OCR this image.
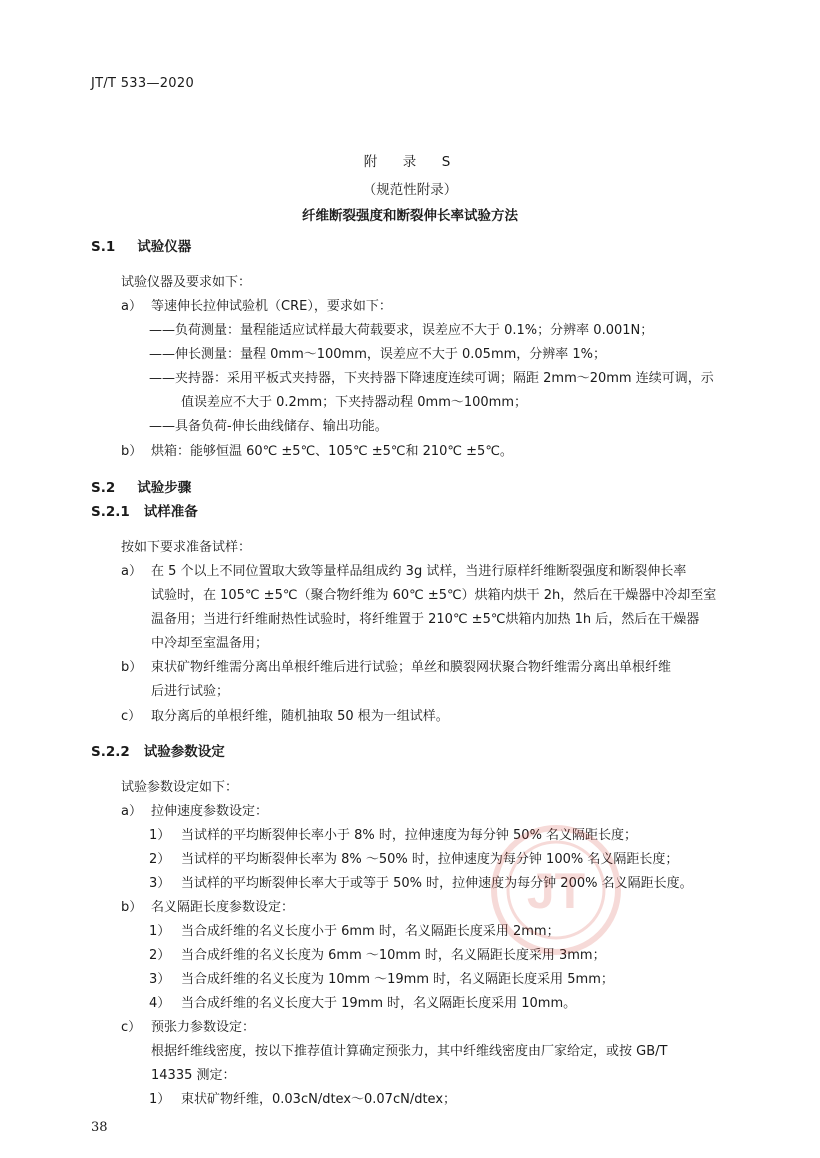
JT/T 533—2020
附　录　S
（规范性附录）
纤维断裂强度和断裂伸长率试验方法
S.1 试验仪器
试验仪器及要求如下：
a） 等速伸长拉伸试验机（CRE），要求如下：
——负荷测量：量程能适应试样最大荷载要求，误差应不大于 0.1%；分辨率 0.001N；
——伸长测量：量程 0mm～100mm，误差应不大于 0.05mm，分辨率 1%；
——夹持器：采用平板式夹持器，下夹持器下降速度连续可调；隔距 2mm～20mm 连续可调，示
值误差应不大于 0.2mm；下夹持器动程 0mm～100mm；
——具备负荷-伸长曲线储存、输出功能。
b） 烘箱：能够恒温 60℃ ±5℃、105℃ ±5℃和 210℃ ±5℃。
S.2 试验步骤
S.2.1 试样准备
按如下要求准备试样：
a） 在 5 个以上不同位置取大致等量样品组成约 3g 试样，当进行原样纤维断裂强度和断裂伸长率
试验时，在 105℃ ±5℃（聚合物纤维为 60℃ ±5℃）烘箱内烘干 2h，然后在干燥器中冷却至室
温备用；当进行纤维耐热性试验时，将纤维置于 210℃ ±5℃烘箱内加热 1h 后，然后在干燥器
中冷却至室温备用；
b） 束状矿物纤维需分离出单根纤维后进行试验；单丝和膜裂网状聚合物纤维需分离出单根纤维
后进行试验；
c） 取分离后的单根纤维，随机抽取 50 根为一组试样。
S.2.2 试验参数设定
试验参数设定如下：
a） 拉伸速度参数设定：
1） 当试样的平均断裂伸长率小于 8% 时，拉伸速度为每分钟 50% 名义隔距长度；
2） 当试样的平均断裂伸长率为 8% ～50% 时，拉伸速度为每分钟 100% 名义隔距长度；
3） 当试样的平均断裂伸长率大于或等于 50% 时，拉伸速度为每分钟 200% 名义隔距长度。
b） 名义隔距长度参数设定：
1） 当合成纤维的名义长度小于 6mm 时，名义隔距长度采用 2mm；
2） 当合成纤维的名义长度为 6mm ～10mm 时，名义隔距长度采用 3mm；
3） 当合成纤维的名义长度为 10mm ～19mm 时，名义隔距长度采用 5mm；
4） 当合成纤维的名义长度大于 19mm 时，名义隔距长度采用 10mm。
c） 预张力参数设定：
根据纤维线密度，按以下推荐值计算确定预张力，其中纤维线密度由厂家给定，或按 GB/T
14335 测定：
1） 束状矿物纤维，0.03cN/dtex～0.07cN/dtex；
38
JT
